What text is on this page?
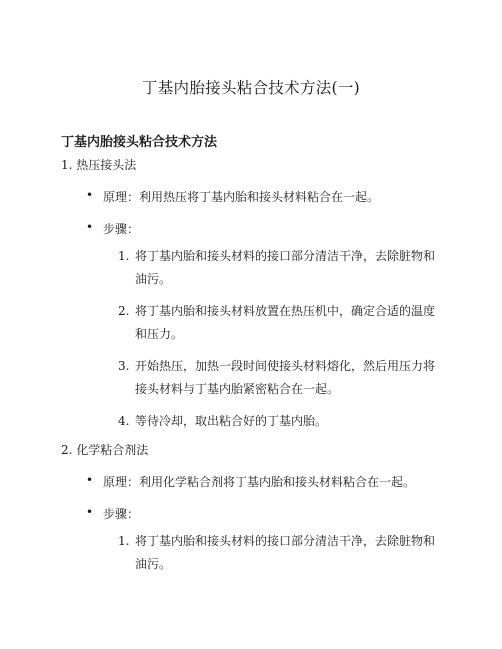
丁基内胎接头粘合技术方法(一)
丁基内胎接头粘合技术方法
1. 热压接头法
• 原理：利用热压将丁基内胎和接头材料粘合在一起。
• 步骤：
1. 将丁基内胎和接头材料的接口部分清洁干净，去除脏物和
油污。
2. 将丁基内胎和接头材料放置在热压机中，确定合适的温度
和压力。
3. 开始热压，加热一段时间使接头材料熔化，然后用压力将
接头材料与丁基内胎紧密粘合在一起。
4. 等待冷却，取出粘合好的丁基内胎。
2. 化学粘合剂法
• 原理：利用化学粘合剂将丁基内胎和接头材料粘合在一起。
• 步骤：
1. 将丁基内胎和接头材料的接口部分清洁干净，去除脏物和
油污。
